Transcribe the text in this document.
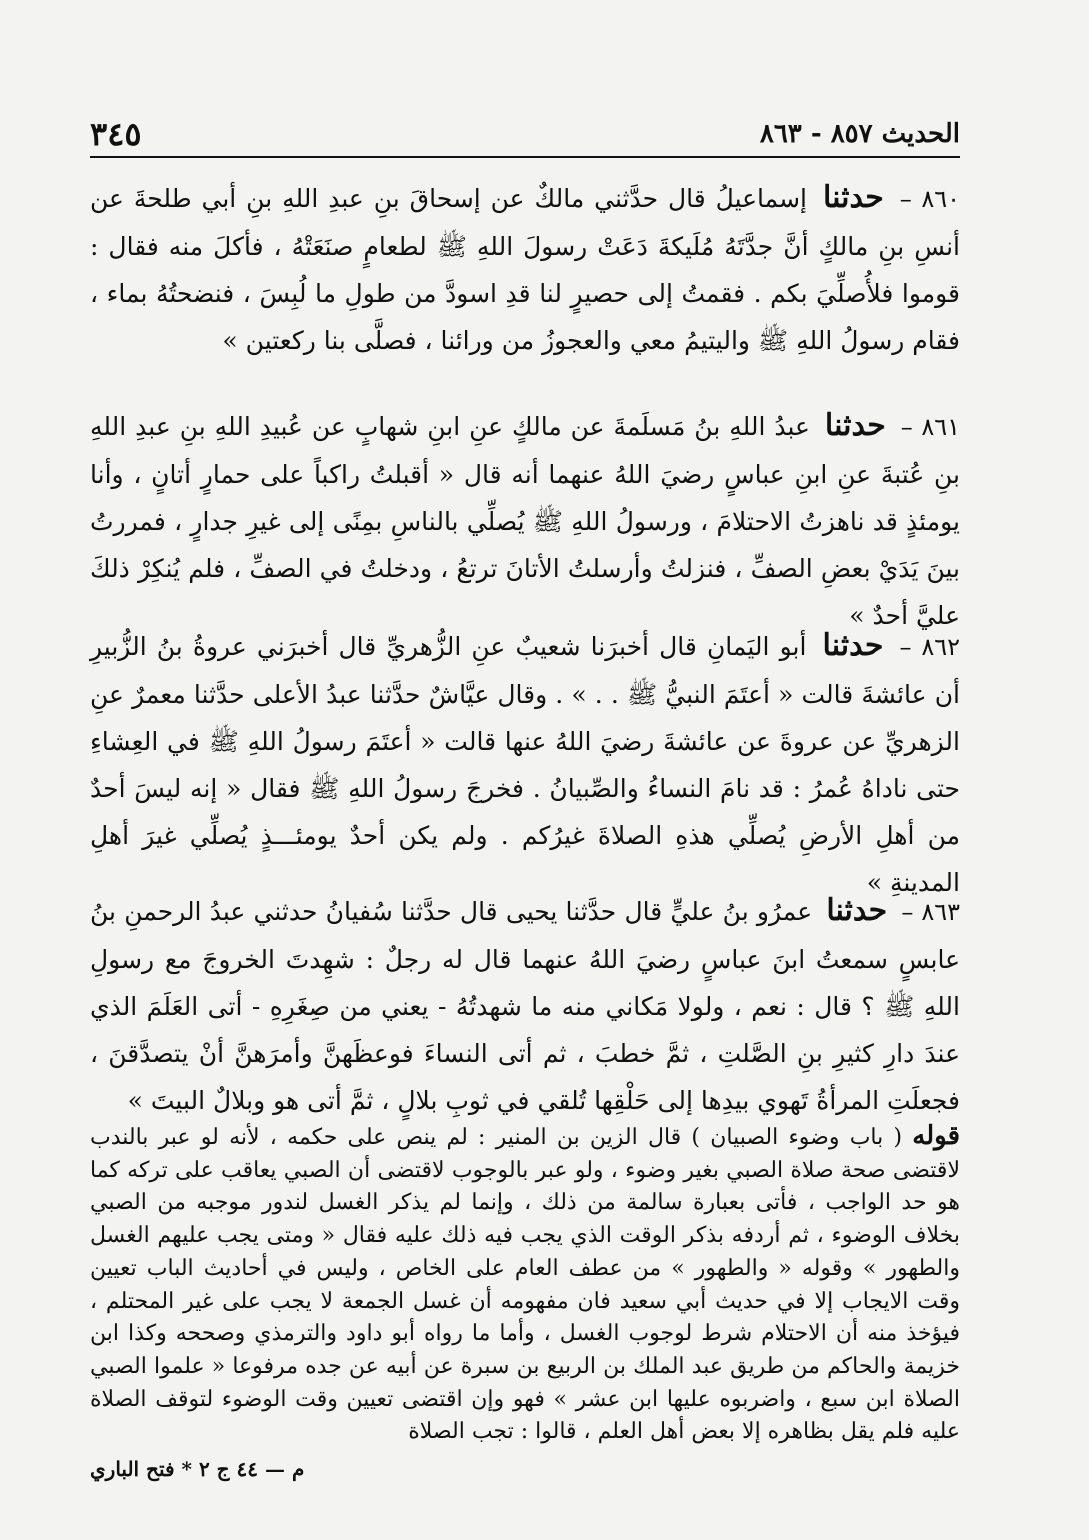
الحديث ٨٥٧ - ٨٦٣
٣٤٥

٨٦٠ – حدثنا إسماعيلُ قال حدَّثني مالكٌ عن إسحاقَ بنِ عبدِ اللهِ بنِ أبي طلحةَ عن أنسِ بنِ مالكٍ أنَّ جدَّتَهُ مُلَيكةَ دَعَتْ رسولَ اللهِ ﷺ لطعامٍ صنَعَتْهُ ، فأكلَ منه فقال : قوموا فلأُصلِّيَ بكم . فقمتُ إلى حصيرٍ لنا قدِ اسودَّ من طولِ ما لُبِسَ ، فنضحتُهُ بماء ، فقام رسولُ اللهِ ﷺ واليتيمُ معي والعجوزُ من ورائنا ، فصلَّى بنا ركعتين »

٨٦١ – حدثنا عبدُ اللهِ بنُ مَسلَمةَ عن مالكٍ عنِ ابنِ شهابٍ عن عُبيدِ اللهِ بنِ عبدِ اللهِ بنِ عُتبةَ عنِ ابنِ عباسٍ رضيَ اللهُ عنهما أنه قال « أقبلتُ راكباً على حمارٍ أتانٍ ، وأنا يومئذٍ قد ناهزتُ الاحتلامَ ، ورسولُ اللهِ ﷺ يُصلِّي بالناسِ بمِنًى إلى غيرِ جدارٍ ، فمررتُ بينَ يَدَيْ بعضِ الصفِّ ، فنزلتُ وأرسلتُ الأتانَ ترتعُ ، ودخلتُ في الصفِّ ، فلم يُنكِرْ ذلكَ عليَّ أحدٌ »

٨٦٢ – حدثنا أبو اليَمانِ قال أخبرَنا شعيبٌ عنِ الزُّهريِّ قال أخبرَني عروةُ بنُ الزُّبيرِ أن عائشةَ قالت « أعتَمَ النبيُّ ﷺ . . » . وقال عيَّاشٌ حدَّثنا عبدُ الأعلى حدَّثنا معمرٌ عنِ الزهريِّ عن عروةَ عن عائشةَ رضيَ اللهُ عنها قالت « أعتَمَ رسولُ اللهِ ﷺ في العِشاءِ حتى ناداهُ عُمرُ : قد نامَ النساءُ والصِّبيانُ . فخرجَ رسولُ اللهِ ﷺ فقال « إنه ليسَ أحدٌ من أهلِ الأرضِ يُصلِّي هذهِ الصلاةَ غيرُكم . ولم يكن أحدٌ يومئـــذٍ يُصلِّي غيرَ أهلِ المدينةِ »

٨٦٣ – حدثنا عمرُو بنُ عليٍّ قال حدَّثنا يحيى قال حدَّثنا سُفيانُ حدثني عبدُ الرحمنِ بنُ عابسٍ سمعتُ ابنَ عباسٍ رضيَ اللهُ عنهما قال له رجلٌ : شهِدتَ الخروجَ مع رسولِ اللهِ ﷺ ؟ قال : نعم ، ولولا مَكاني منه ما شهدتُهُ - يعني من صِغَرِهِ - أتى العَلَمَ الذي عندَ دارِ كثيرِ بنِ الصَّلتِ ، ثمَّ خطبَ ، ثم أتى النساءَ فوعظَهنَّ وأمرَهنَّ أنْ يتصدَّقنَ ، فجعلَتِ المرأةُ تَهوي بيدِها إلى حَلْقِها تُلقي في ثوبِ بلالٍ ، ثمَّ أتى هو وبلالٌ البيتَ »

قوله ( باب وضوء الصبيان ) قال الزين بن المنير : لم ينص على حكمه ، لأنه لو عبر بالندب لاقتضى صحة صلاة الصبي بغير وضوء ، ولو عبر بالوجوب لاقتضى أن الصبي يعاقب على تركه كما هو حد الواجب ، فأتى بعبارة سالمة من ذلك ، وإنما لم يذكر الغسل لندور موجبه من الصبي بخلاف الوضوء ، ثم أردفه بذكر الوقت الذي يجب فيه ذلك عليه فقال « ومتى يجب عليهم الغسل والطهور » وقوله « والطهور » من عطف العام على الخاص ، وليس في أحاديث الباب تعيين وقت الايجاب إلا في حديث أبي سعيد فان مفهومه أن غسل الجمعة لا يجب على غير المحتلم ، فيؤخذ منه أن الاحتلام شرط لوجوب الغسل ، وأما ما رواه أبو داود والترمذي وصححه وكذا ابن خزيمة والحاكم من طريق عبد الملك بن الربيع بن سبرة عن أبيه عن جده مرفوعا « علموا الصبي الصلاة ابن سبع ، واضربوه عليها ابن عشر » فهو وإن اقتضى تعيين وقت الوضوء لتوقف الصلاة عليه فلم يقل بظاهره إلا بعض أهل العلم ، قالوا : تجب الصلاة

م — ٤٤ ج ٢ * فتح الباري
